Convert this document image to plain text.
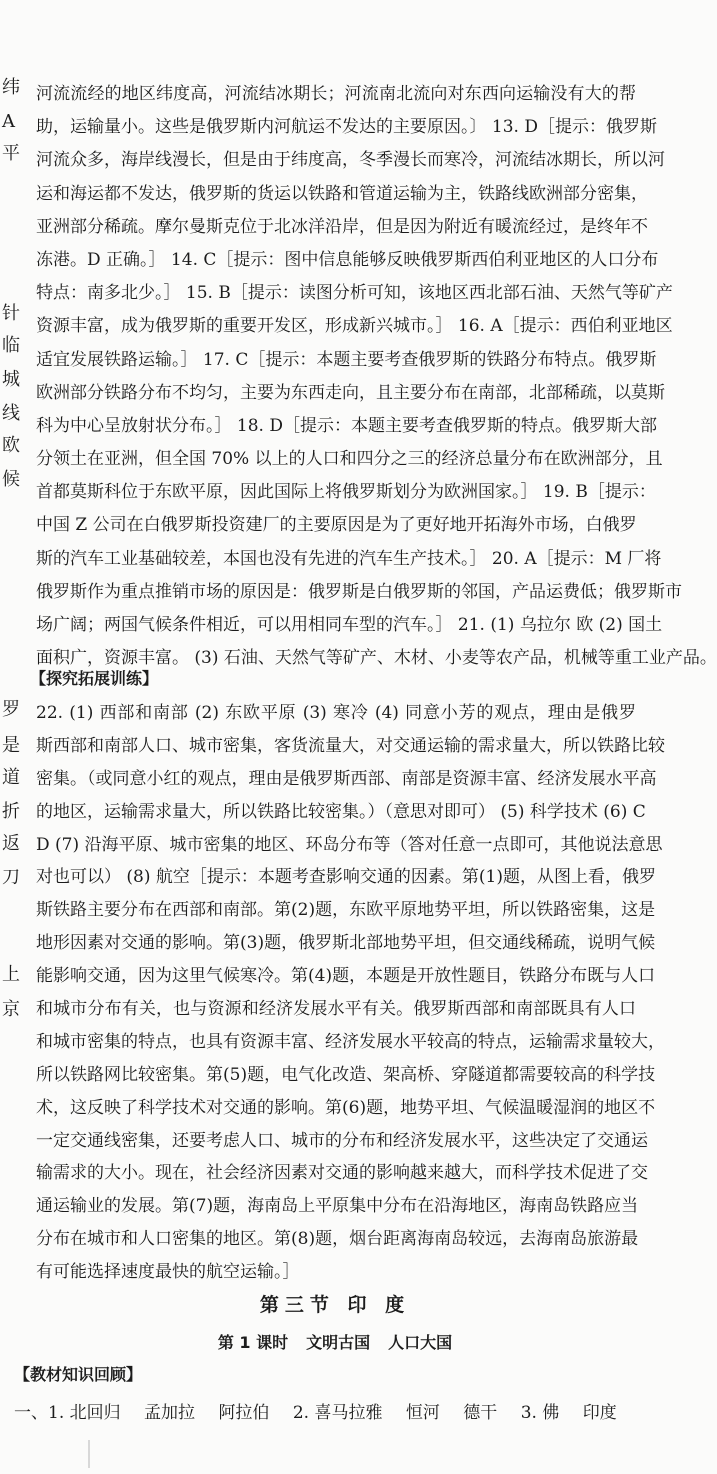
纬
A
平
针
临
城
线
欧
候
罗
是
道
折
返
刀
上
京
河流流经的地区纬度高，河流结冰期长；河流南北流向对东西向运输没有大的帮
助，运输量小。这些是俄罗斯内河航运不发达的主要原因。〕 13. D［提示：俄罗斯
河流众多，海岸线漫长，但是由于纬度高，冬季漫长而寒冷，河流结冰期长，所以河
运和海运都不发达，俄罗斯的货运以铁路和管道运输为主，铁路线欧洲部分密集，
亚洲部分稀疏。摩尔曼斯克位于北冰洋沿岸，但是因为附近有暖流经过，是终年不
冻港。D 正确。］ 14. C［提示：图中信息能够反映俄罗斯西伯利亚地区的人口分布
特点：南多北少。］ 15. B［提示：读图分析可知，该地区西北部石油、天然气等矿产
资源丰富，成为俄罗斯的重要开发区，形成新兴城市。］ 16. A［提示：西伯利亚地区
适宜发展铁路运输。］ 17. C［提示：本题主要考查俄罗斯的铁路分布特点。俄罗斯
欧洲部分铁路分布不均匀，主要为东西走向，且主要分布在南部，北部稀疏，以莫斯
科为中心呈放射状分布。］ 18. D［提示：本题主要考查俄罗斯的特点。俄罗斯大部
分领土在亚洲，但全国 70% 以上的人口和四分之三的经济总量分布在欧洲部分，且
首都莫斯科位于东欧平原，因此国际上将俄罗斯划分为欧洲国家。］ 19. B［提示：
中国 Z 公司在白俄罗斯投资建厂的主要原因是为了更好地开拓海外市场，白俄罗
斯的汽车工业基础较差，本国也没有先进的汽车生产技术。］ 20. A［提示：M 厂将
俄罗斯作为重点推销市场的原因是：俄罗斯是白俄罗斯的邻国，产品运费低；俄罗斯市
场广阔；两国气候条件相近，可以用相同车型的汽车。］ 21. (1) 乌拉尔 欧 (2) 国土
面积广，资源丰富。 (3) 石油、天然气等矿产、木材、小麦等农产品，机械等重工业产品。
【探究拓展训练】
22. (1) 西部和南部 (2) 东欧平原 (3) 寒冷 (4) 同意小芳的观点，理由是俄罗
斯西部和南部人口、城市密集，客货流量大，对交通运输的需求量大，所以铁路比较
密集。（或同意小红的观点，理由是俄罗斯西部、南部是资源丰富、经济发展水平高
的地区，运输需求量大，所以铁路比较密集。）（意思对即可） (5) 科学技术 (6) C
D (7) 沿海平原、城市密集的地区、环岛分布等（答对任意一点即可，其他说法意思
对也可以） (8) 航空［提示：本题考查影响交通的因素。第(1)题，从图上看，俄罗
斯铁路主要分布在西部和南部。第(2)题，东欧平原地势平坦，所以铁路密集，这是
地形因素对交通的影响。第(3)题，俄罗斯北部地势平坦，但交通线稀疏，说明气候
能影响交通，因为这里气候寒冷。第(4)题，本题是开放性题目，铁路分布既与人口
和城市分布有关，也与资源和经济发展水平有关。俄罗斯西部和南部既具有人口
和城市密集的特点，也具有资源丰富、经济发展水平较高的特点，运输需求量较大，
所以铁路网比较密集。第(5)题，电气化改造、架高桥、穿隧道都需要较高的科学技
术，这反映了科学技术对交通的影响。第(6)题，地势平坦、气候温暖湿润的地区不
一定交通线密集，还要考虑人口、城市的分布和经济发展水平，这些决定了交通运
输需求的大小。现在，社会经济因素对交通的影响越来越大，而科学技术促进了交
通运输业的发展。第(7)题，海南岛上平原集中分布在沿海地区，海南岛铁路应当
分布在城市和人口密集的地区。第(8)题，烟台距离海南岛较远，去海南岛旅游最
有可能选择速度最快的航空运输。］
第三节 印 度
第 1 课时 文明古国 人口大国
【教材知识回顾】
一、1. 北回归 孟加拉 阿拉伯 2. 喜马拉雅 恒河 德干 3. 佛 印度
